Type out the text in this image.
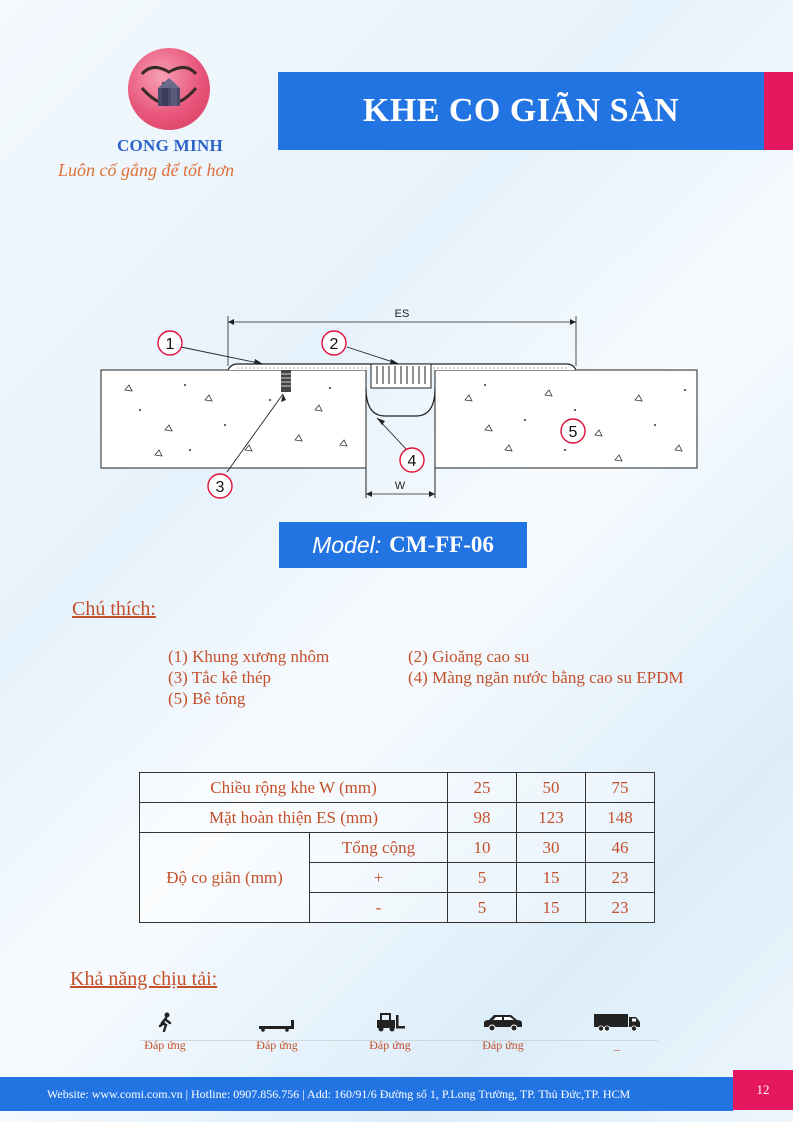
CONG MINH
Luôn cố gắng để tốt hơn
KHE CO GIÃN SÀN
ES
W
1	2
3
4
5
Model: CM-FF-06
Chú thích:
(1) Khung xương nhôm	(2) Gioăng cao su
(3) Tắc kê thép	(4) Màng ngăn nước bằng cao su EPDM
(5) Bê tông
Chiều rộng khe W (mm)		25	50	75
Mặt hoàn thiện ES (mm)		98	123	148
Độ co giãn (mm)	Tổng cộng	10	30	46
	+	5	15	23
	-	5	15	23
Khả năng chịu tải:
Đáp ứng	Đáp ứng	Đáp ứng	Đáp ứng	_
Website: www.comi.com.vn | Hotline: 0907.856.756 | Add: 160/91/6 Đường số 1, P.Long Trường, TP. Thủ Đức,TP. HCM	12
